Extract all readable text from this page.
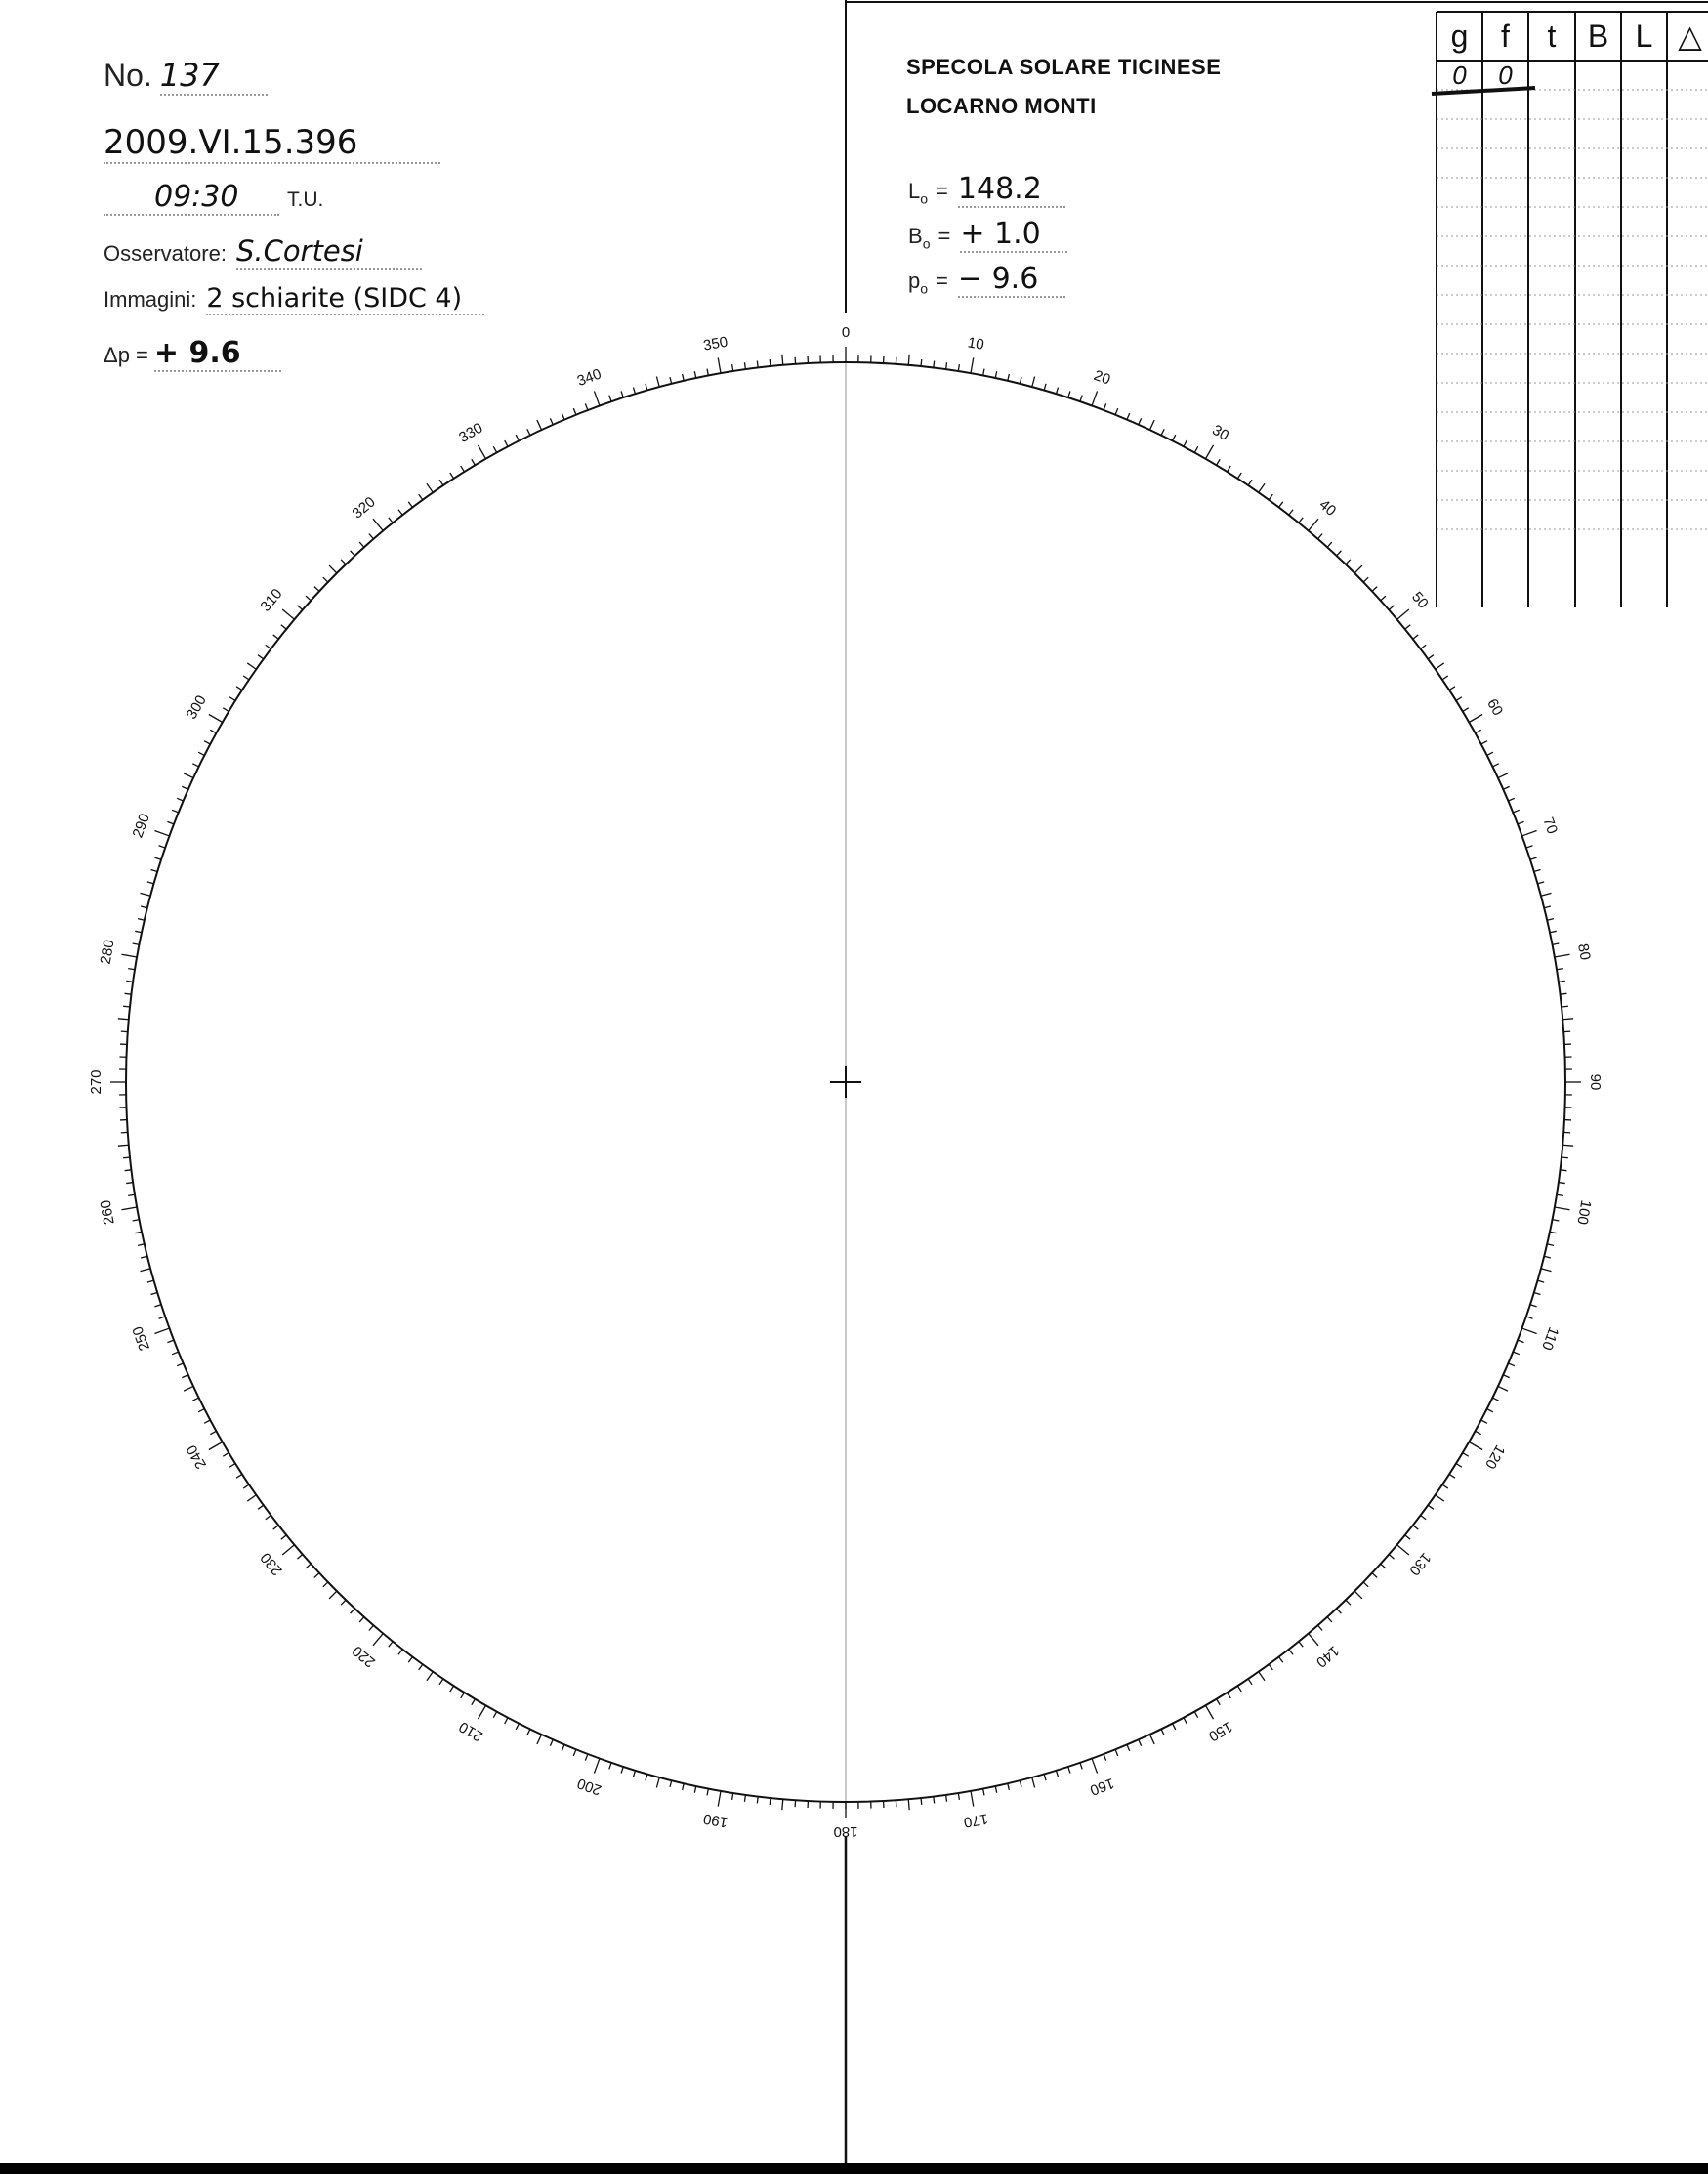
No. 137
2009.VI.15.396
09:30	T.U.
Osservatore: S.Cortesi
Immagini: 2 schiarite (SIDC 4)
Δp = + 9.6
SPECOLA SOLARE TICINESE
LOCARNO MONTI
$L_o = 148.2$
$B_o$ = + 1.0
$p_o$ = − 9.6
0
10
20
30
40
50
60
70
80
90
100
110
120
130
140
150
160
170
180
190
200
210
220
230
240
250
260
270
280
290
300
310
320
330
340
350
g f t B L △
0 0
